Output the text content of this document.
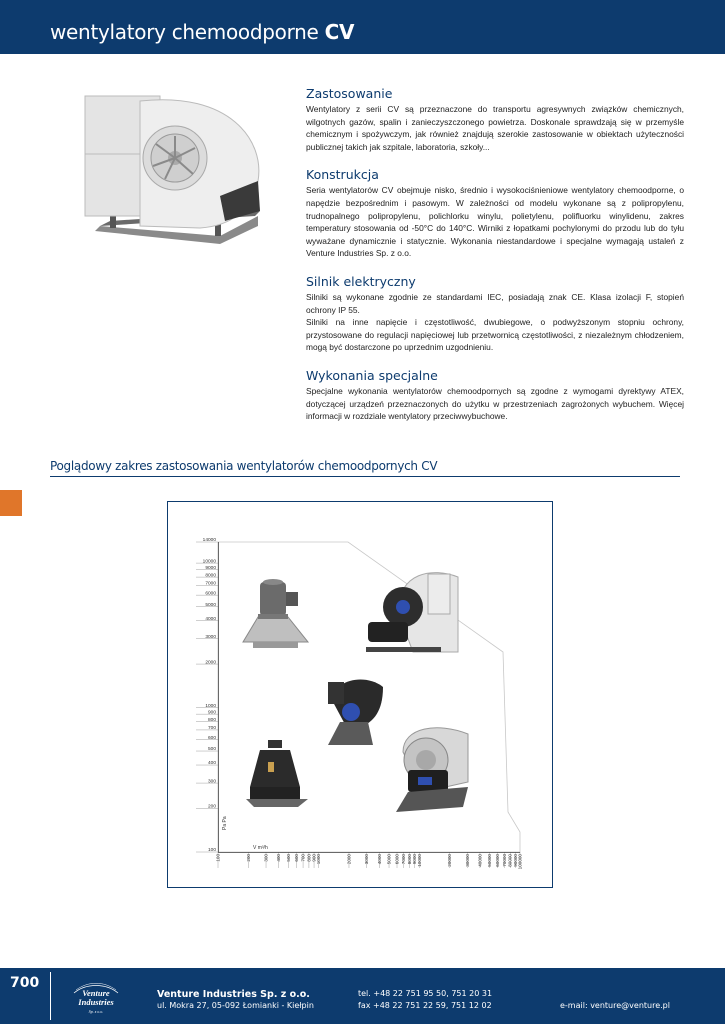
wentylatory chemoodporne CV
Zastosowanie

Wentylatory z serii CV są przeznaczone do transportu agresywnych związków chemicznych, wilgotnych gazów, spalin i zanieczyszczonego powietrza. Doskonale sprawdzają się w przemyśle chemicznym i spożywczym, jak również znajdują szerokie zastosowanie w obiektach użyteczności publicznej takich jak szpitale, laboratoria, szkoły...

Konstrukcja

Seria wentylatorów CV obejmuje nisko, średnio i wysokociśnieniowe wentylatory chemoodporne, o napędzie bezpośrednim i pasowym. W zależności od modelu wykonane są z polipropylenu, trudnopalnego polipropylenu, polichlorku winylu, polietylenu, polifluorku winylidenu, zakres temperatury stosowania od -50°C do 140°C. Wirniki z łopatkami pochylonymi do przodu lub do tyłu wyważane dynamicznie i statycznie. Wykonania niestandardowe i specjalne wymagają ustaleń z Venture Industries Sp. z o.o.

Silnik elektryczny

Silniki są wykonane zgodnie ze standardami IEC, posiadają znak CE. Klasa izolacji F, stopień ochrony IP 55.

Silniki na inne napięcie i częstotliwość, dwubiegowe, o podwyższonym stopniu ochrony, przystosowane do regulacji napięciowej lub przetwornicą częstotliwości, z niezależnym chłodzeniem, mogą być dostarczone po uprzednim uzgodnieniu.

Wykonania specjalne

Specjalne wykonania wentylatorów chemoodpornych są zgodne z wymogami dyrektywy ATEX, dotyczącej urządzeń przeznaczonych do użytku w przestrzeniach zagrożonych wybuchem. Więcej informacji w rozdziale wentylatory przeciwwybuchowe.

Poglądowy zakres zastosowania wentylatorów chemoodpornych CV
100
200
300
400
500
600
700
800
900
1000
2000
3000
4000
5000
6000
7000
8000
9000
10000
14000
100	200	300 400 500 600 700 800 900 1000	2000	3000 4000 5000 6000 7000 8000 9000 10000	20000	30000 40000 50000 60000 70000 80000 90000 100000
Pa Pa
V m³/h
700
Venture
Industries
Sp. z o.o.
Venture Industries Sp. z o.o.
ul. Mokra 27, 05-092 Łomianki - Kiełpin
tel. +48 22 751 95 50, 751 20 31
fax +48 22 751 22 59, 751 12 02	e-mail: venture@venture.pl
